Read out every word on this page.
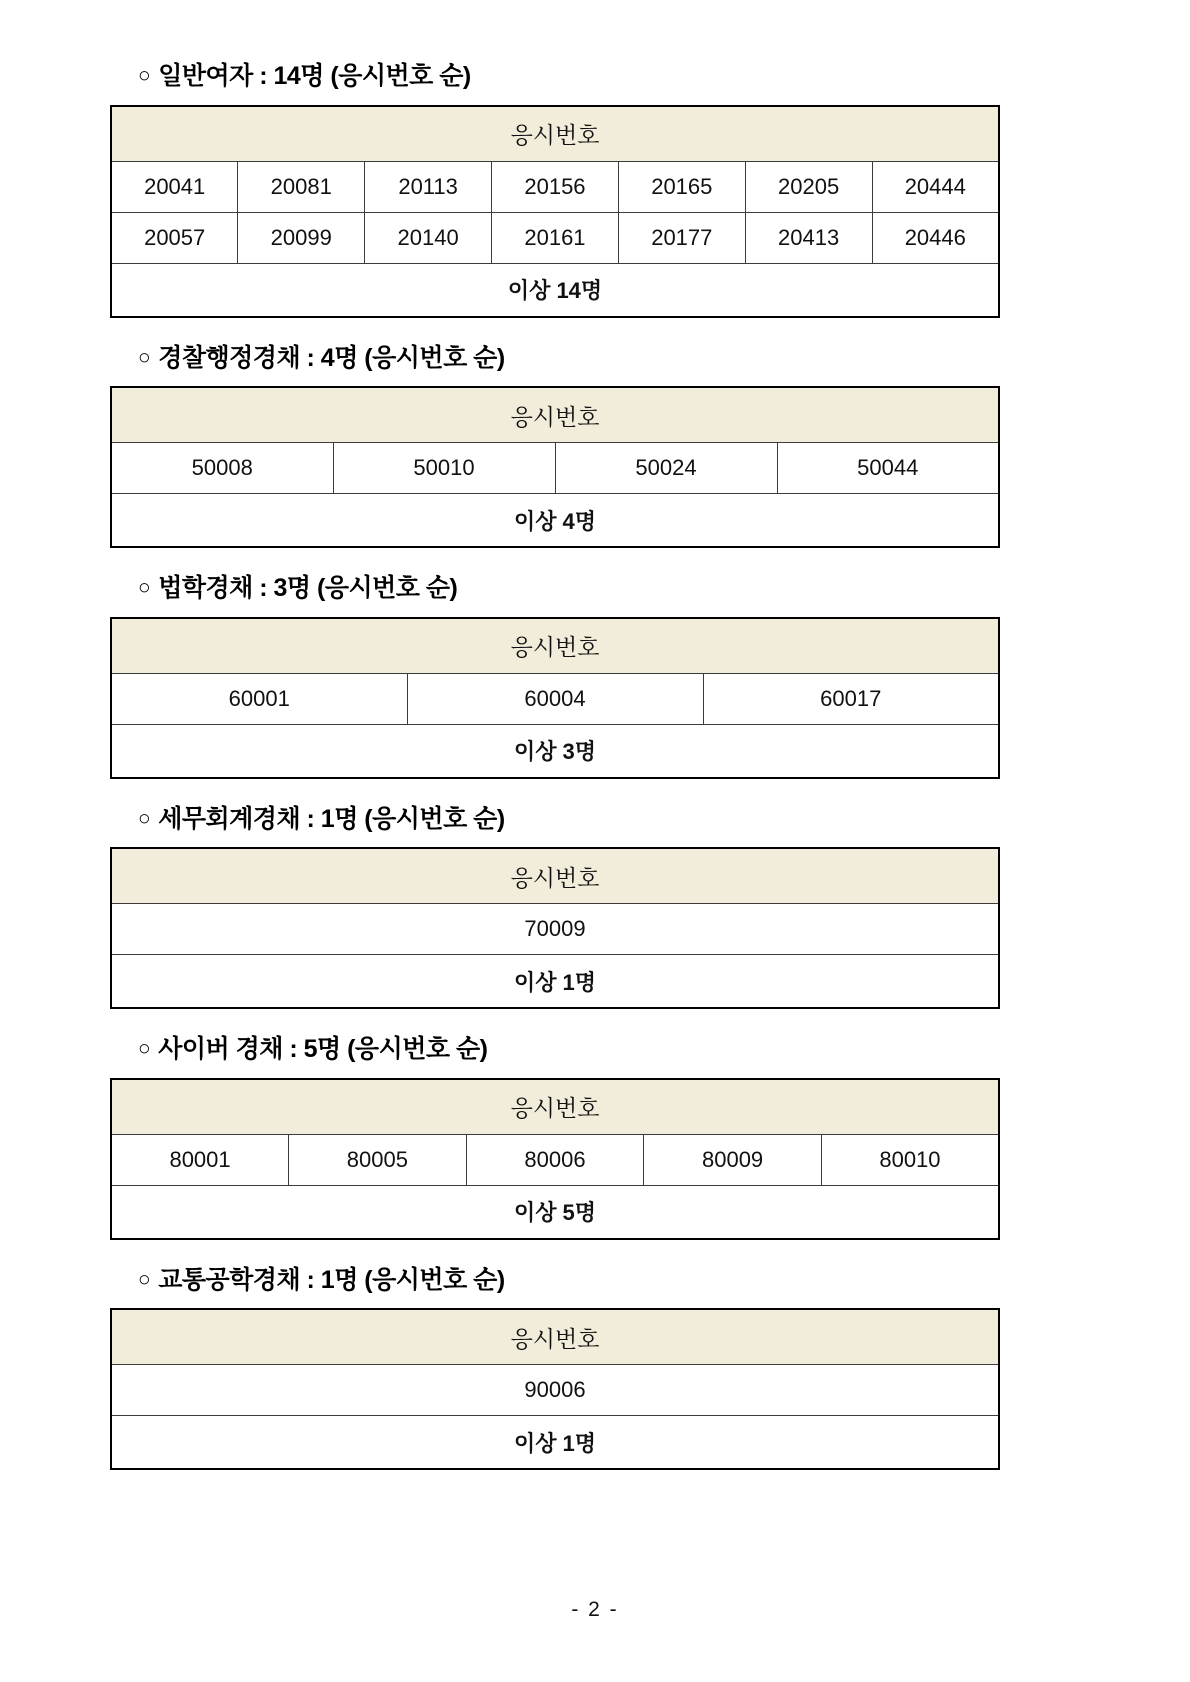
○ 일반여자 : 14명 (응시번호 순)
응시번호						
20041	20081	20113	20156	20165	20205	20444
20057	20099	20140	20161	20177	20413	20446
이상 14명						
○ 경찰행정경채 : 4명 (응시번호 순)
응시번호
50008	50010	50024	50044
이상 4명
○ 법학경채 : 3명 (응시번호 순)
응시번호
60001	60004	60017
이상 3명
○ 세무회계경채 : 1명 (응시번호 순)
응시번호
70009
이상 1명
○ 사이버 경채 : 5명 (응시번호 순)
응시번호
80001	80005	80006	80009	80010
이상 5명
○ 교통공학경채 : 1명 (응시번호 순)
응시번호
90006
이상 1명
- 2 -
